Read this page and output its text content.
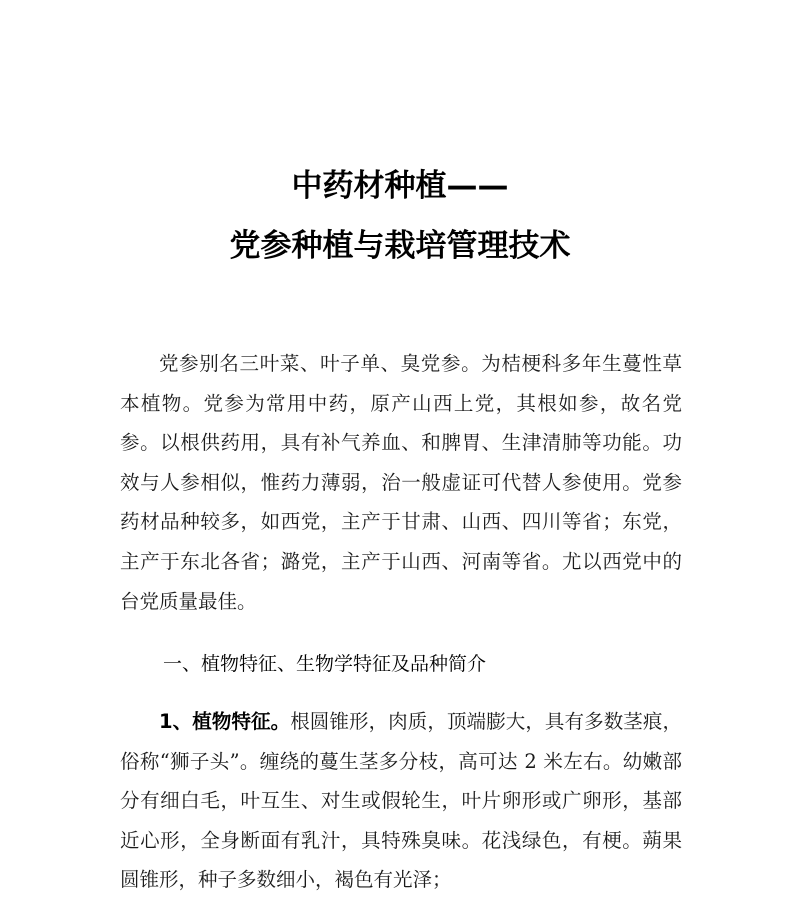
中药材种植——
党参种植与栽培管理技术

党参别名三叶菜、叶子单、臭党参。为桔梗科多年生蔓性草本植物。党参为常用中药，原产山西上党，其根如参，故名党参。以根供药用，具有补气养血、和脾胃、生津清肺等功能。功效与人参相似，惟药力薄弱，治一般虚证可代替人参使用。党参药材品种较多，如西党，主产于甘肃、山西、四川等省；东党，主产于东北各省；潞党，主产于山西、河南等省。尤以西党中的台党质量最佳。

一、植物特征、生物学特征及品种简介

1、植物特征。根圆锥形，肉质，顶端膨大，具有多数茎痕，俗称“狮子头”。缠绕的蔓生茎多分枝，高可达 2 米左右。幼嫩部分有细白毛，叶互生、对生或假轮生，叶片卵形或广卵形，基部近心形，全身断面有乳汁，具特殊臭味。花浅绿色，有梗。蒴果圆锥形，种子多数细小，褐色有光泽；
